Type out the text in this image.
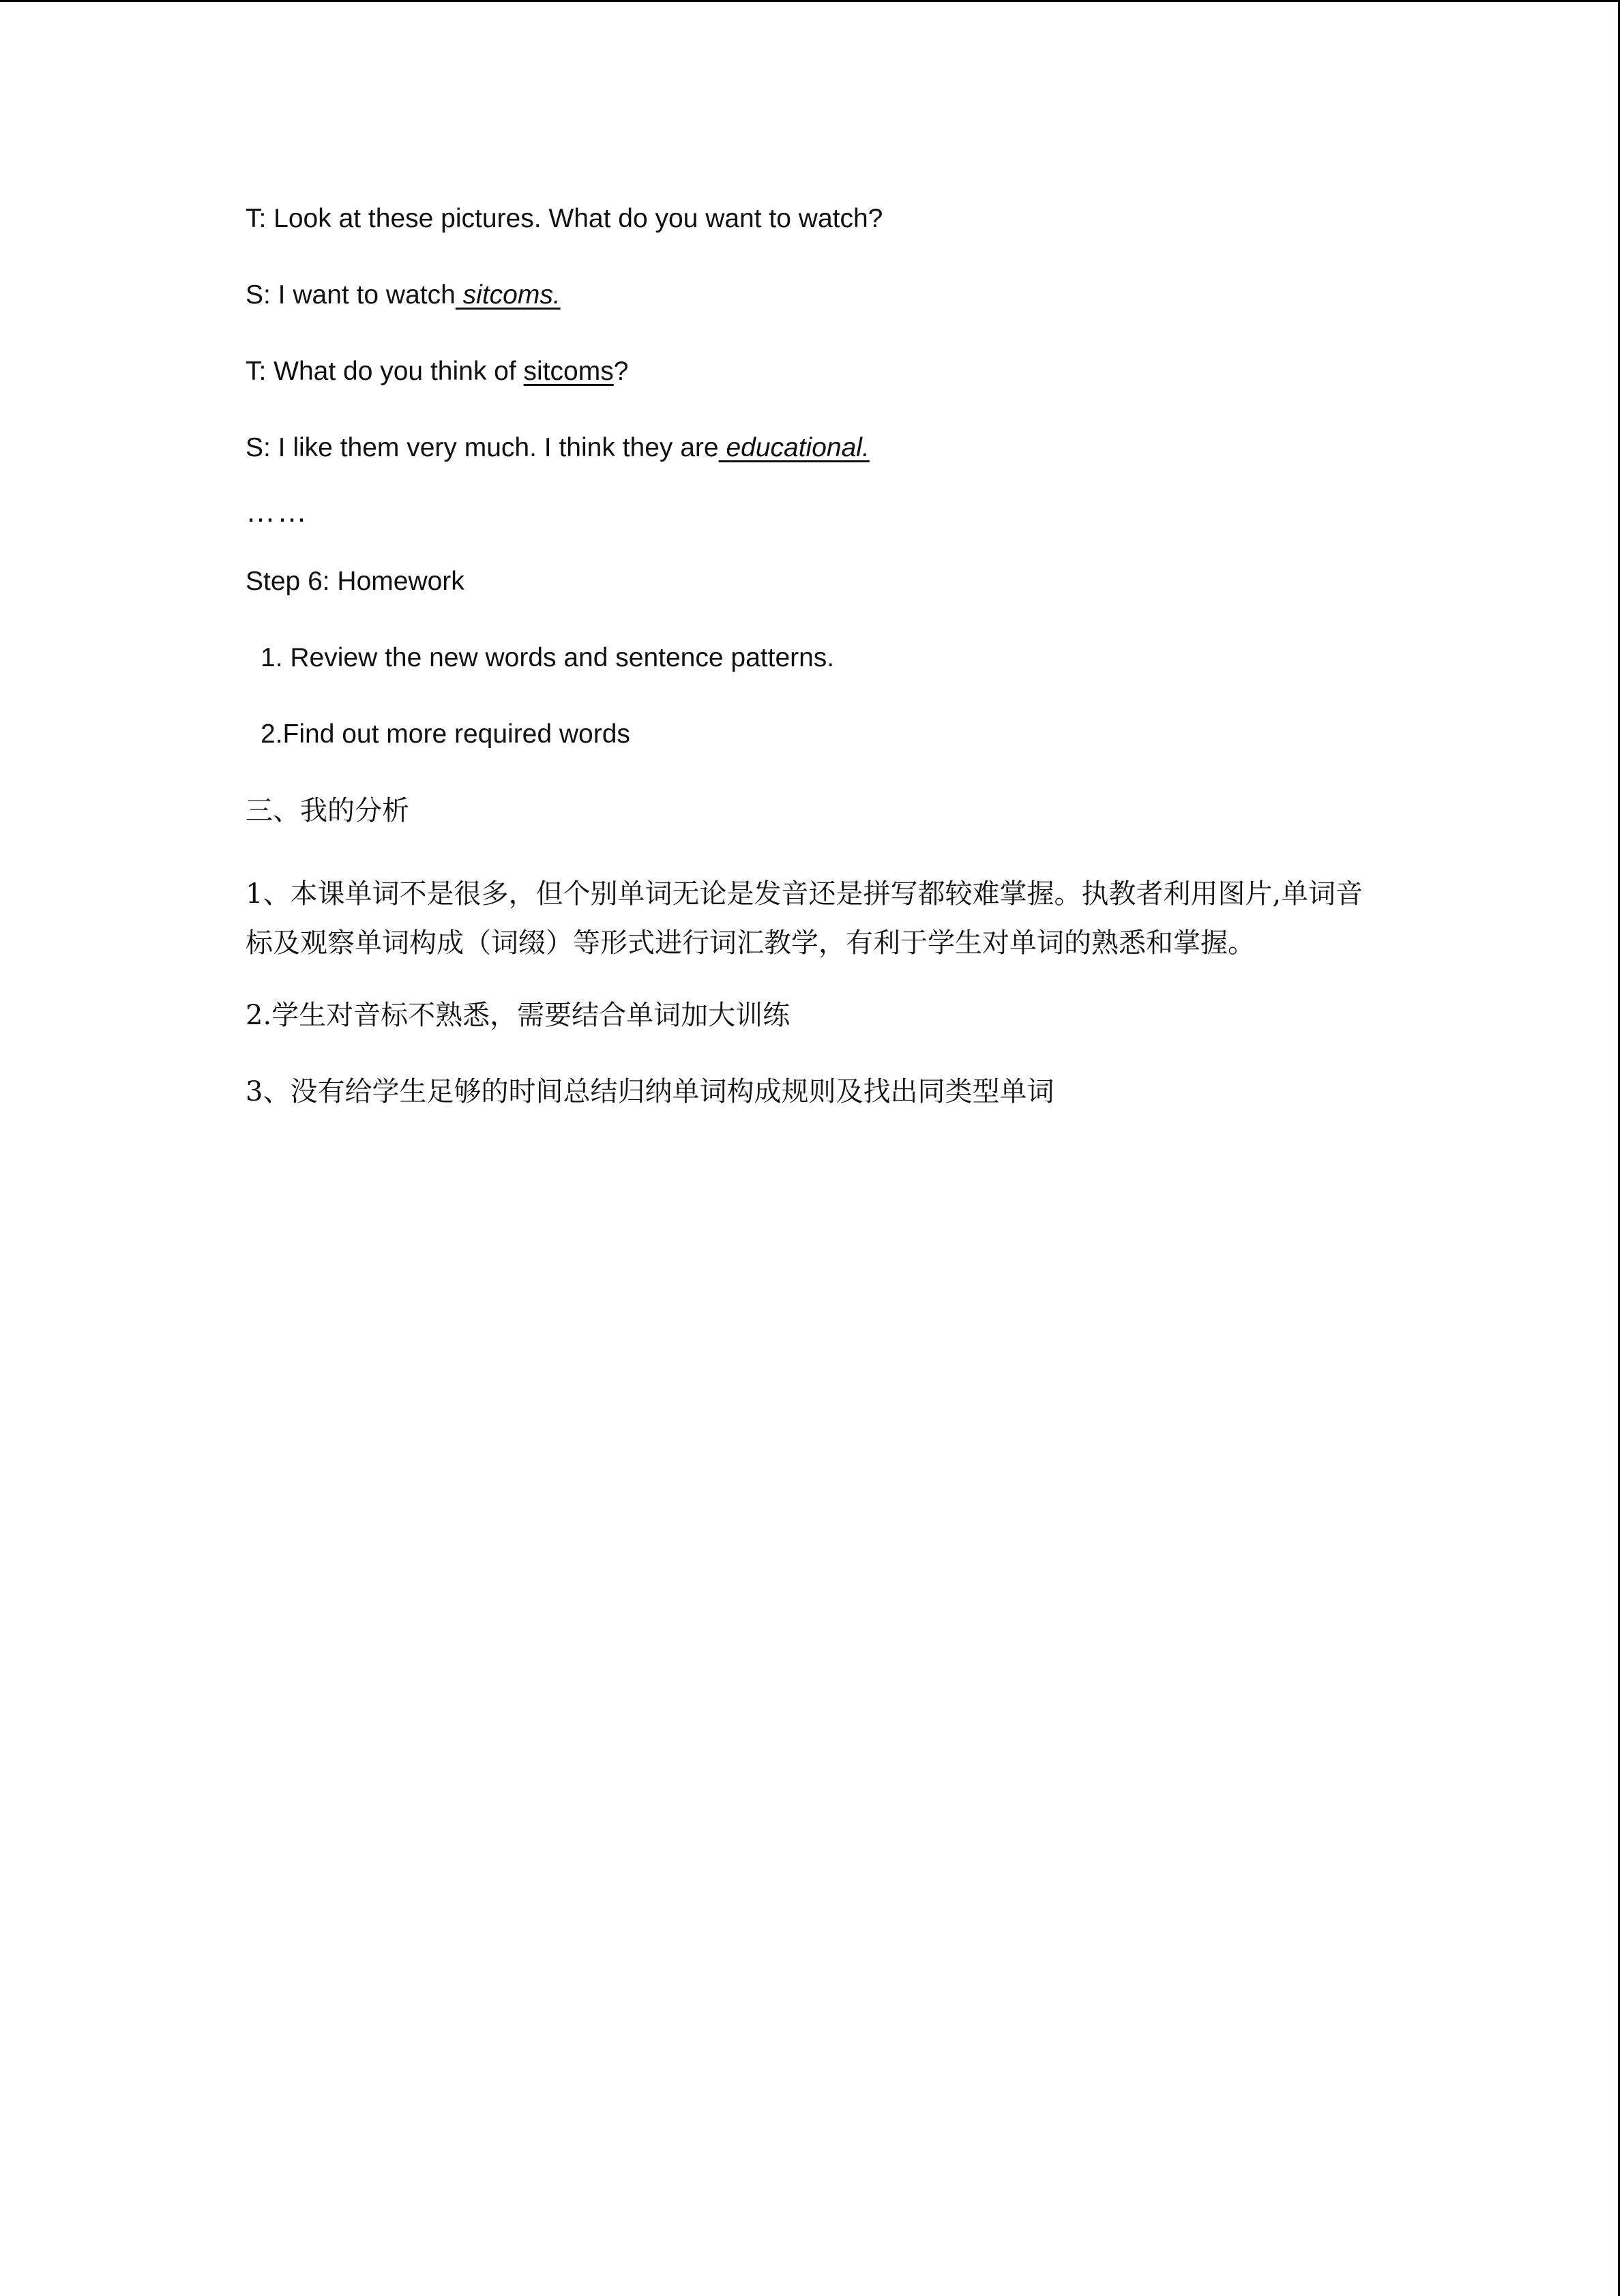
T: Look at these pictures. What do you want to watch?

S: I want to watch sitcoms.

T: What do you think of sitcoms?

S: I like them very much. I think they are educational.

……

Step 6: Homework

1. Review the new words and sentence patterns.

2.Find out more required words

三、我的分析

1、本课单词不是很多，但个别单词无论是发音还是拼写都较难掌握。执教者利用图片,单词音标及观察单词构成（词缀）等形式进行词汇教学，有利于学生对单词的熟悉和掌握。

2.学生对音标不熟悉，需要结合单词加大训练

3、没有给学生足够的时间总结归纳单词构成规则及找出同类型单词
